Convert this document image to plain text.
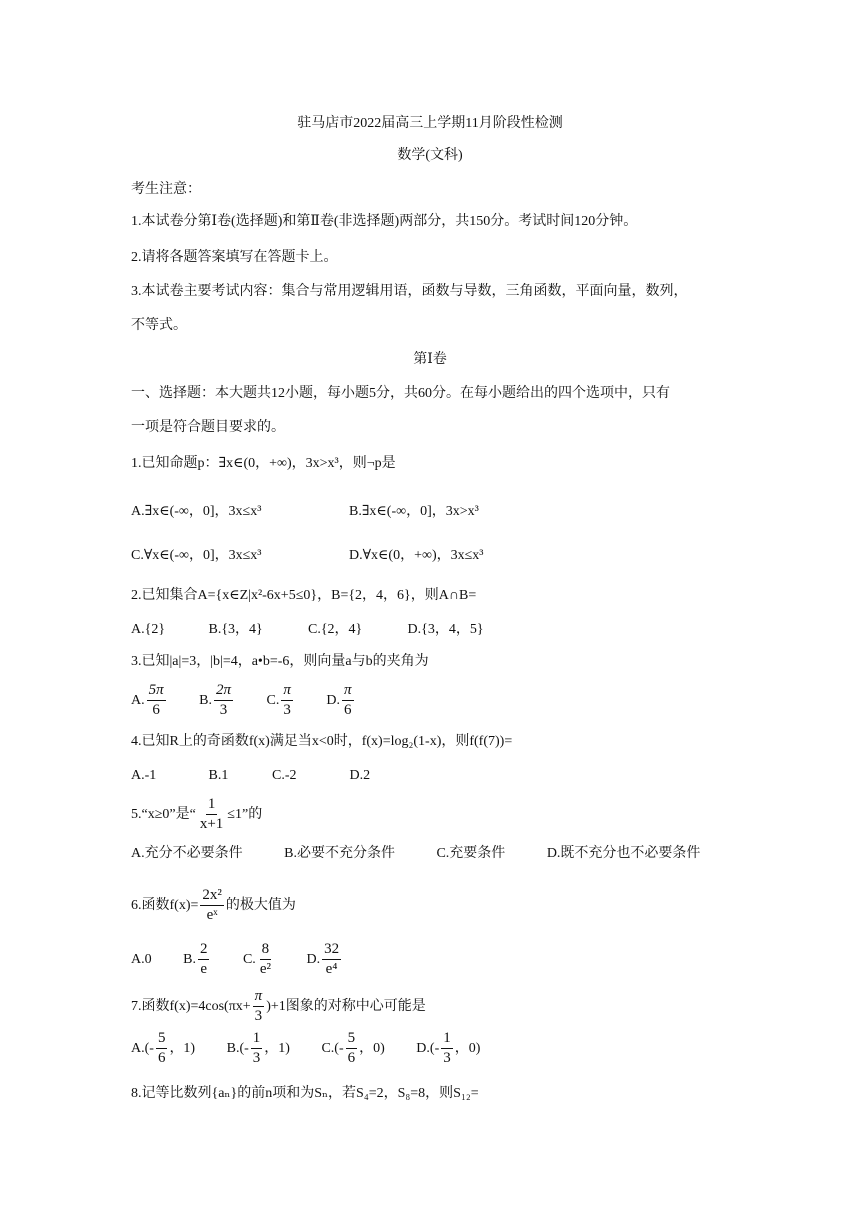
驻马店市2022届高三上学期11月阶段性检测
数学(文科)
考生注意：
1.本试卷分第Ⅰ卷(选择题)和第Ⅱ卷(非选择题)两部分，共150分。考试时间120分钟。
2.请将各题答案填写在答题卡上。
3.本试卷主要考试内容：集合与常用逻辑用语，函数与导数，三角函数，平面向量，数列，
不等式。
第Ⅰ卷
一、选择题：本大题共12小题，每小题5分，共60分。在每小题给出的四个选项中，只有
一项是符合题目要求的。
1.已知命题p：∃x∈(0，+∞)，3x>x³，则¬p是
A.∃x∈(-∞，0]，3x≤x³	B.∃x∈(-∞，0]，3x>x³
C.∀x∈(-∞，0]，3x≤x³	D.∀x∈(0，+∞)，3x≤x³
2.已知集合A={x∈Z|x²-6x+5≤0}，B={2，4，6}，则A∩B=
A.{2}	B.{3，4}	C.{2，4}	D.{3，4，5}
3.已知|a|=3，|b|=4，a•b=-6，则向量a与b的夹角为
A. $\frac{5\pi}{6} B$. $\frac{2\pi}{3} C$. $\frac{\pi}{3} D$. $\frac{\pi}{6}$
4.已知R上的奇函数f(x)满足当x<0时，f(x)=log₂(1-x)，则f(f(7))=
A.-1	B.1	C.-2	D.2
5.“x≥0”是“ $\frac{1}{x+1} \le 1$”的
A.充分不必要条件	B.必要不充分条件	C.充要条件	D.既不充分也不必要条件
6.函数$f(x)= \frac{\text{2x²}}{\text{eˣ}}$ 的极大值为
A.0 B. $\frac{2}{e} C$. $\frac{8}{\text{e²}} D$. $\frac{32}{\text{e⁴}}$
7.函数$f(x)=4\cos(\pi x+ \frac{\pi}{3} )+1$图象的对称中心可能是
$A.(- \frac{5}{6}$ ，1) $B.(- \frac{1}{3}$ ，1) $C.(- \frac{5}{6}$ ，0) $D.(- \frac{1}{3}$ ，0)
8.记等比数列{aₙ}的前n项和为Sₙ，若S₄=2，S₈=8，则S₁₂=
